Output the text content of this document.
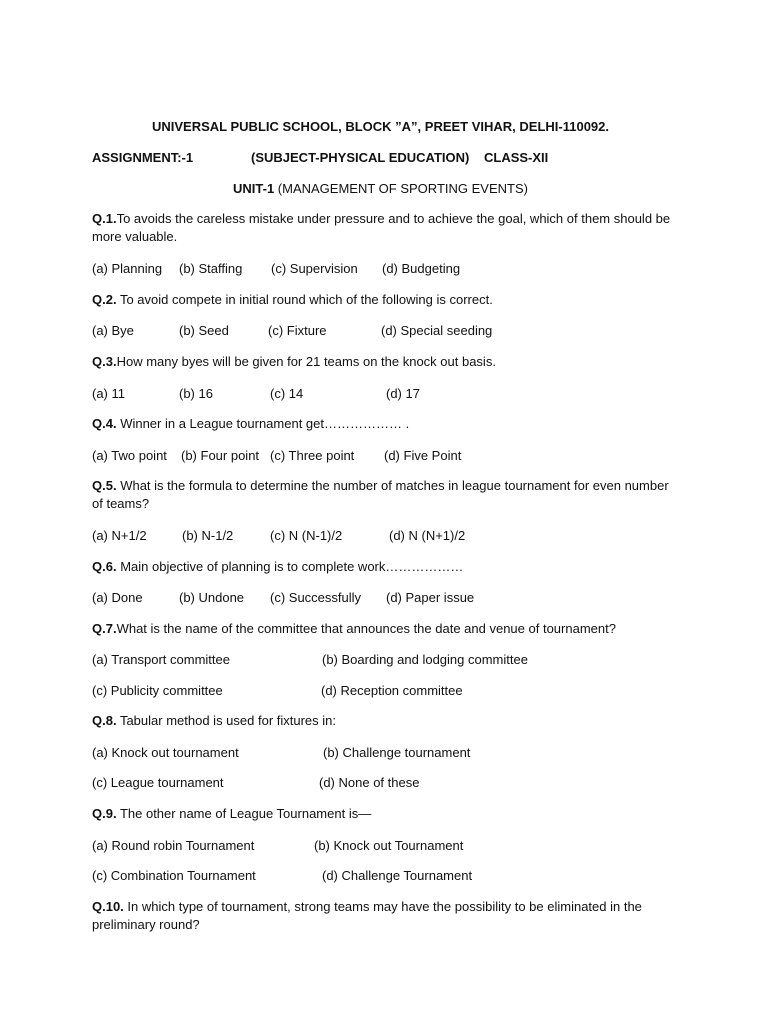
UNIVERSAL PUBLIC SCHOOL, BLOCK ”A”, PREET VIHAR, DELHI-110092.
ASSIGNMENT:-1	(SUBJECT-PHYSICAL EDUCATION) CLASS-XII
UNIT-1 (MANAGEMENT OF SPORTING EVENTS)
Q.1.To avoids the careless mistake under pressure and to achieve the goal, which of them should be more valuable.
(a) Planning (b) Staffing (c) Supervision (d) Budgeting
Q.2. To avoid compete in initial round which of the following is correct.
(a) Bye	(b) Seed	(c) Fixture	(d) Special seeding
Q.3.How many byes will be given for 21 teams on the knock out basis.
(a) 11	(b) 16	(c) 14	(d) 17
Q.4. Winner in a League tournament get……………… .
(a) Two point (b) Four point (c) Three point (d) Five Point
Q.5. What is the formula to determine the number of matches in league tournament for even number of teams?
(a) N+1/2	(b) N-1/2	(c) N (N-1)/2	(d) N (N+1)/2
Q.6. Main objective of planning is to complete work………………
(a) Done	(b) Undone (c) Successfully (d) Paper issue
Q.7.What is the name of the committee that announces the date and venue of tournament?
(a) Transport committee	(b) Boarding and lodging committee
(c) Publicity committee	(d) Reception committee
Q.8. Tabular method is used for fixtures in:
(a) Knock out tournament	(b) Challenge tournament
(c) League tournament	(d) None of these
Q.9. The other name of League Tournament is—
(a) Round robin Tournament	(b) Knock out Tournament
(c) Combination Tournament	(d) Challenge Tournament
Q.10. In which type of tournament, strong teams may have the possibility to be eliminated in the preliminary round?
